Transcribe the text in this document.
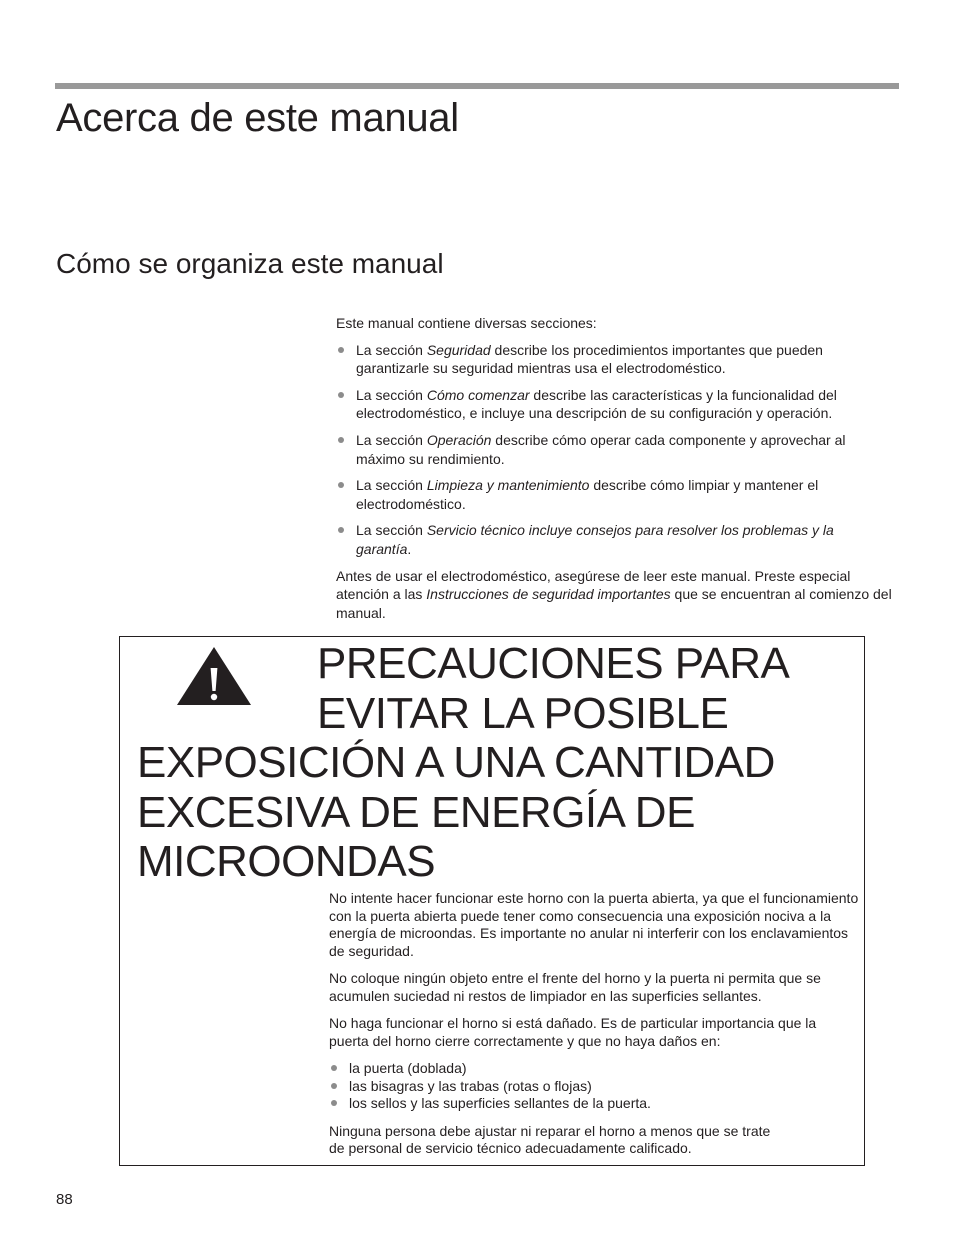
Acerca de este manual
Cómo se organiza este manual

Este manual contiene diversas secciones:

La sección Seguridad describe los procedimientos importantes que pueden garantizarle su seguridad mientras usa el electrodoméstico.
La sección Cómo comenzar describe las características y la funcionalidad del electrodoméstico, e incluye una descripción de su configuración y operación.
La sección Operación describe cómo operar cada componente y aprovechar al máximo su rendimiento.
La sección Limpieza y mantenimiento describe cómo limpiar y mantener el electrodoméstico.
La sección Servicio técnico incluye consejos para resolver los problemas y la garantía.

Antes de usar el electrodoméstico, asegúrese de leer este manual. Preste especial atención a las Instrucciones de seguridad importantes que se encuentran al comienzo del manual.

PRECAUCIONES PARA
EVITAR LA POSIBLE
EXPOSICIÓN A UNA CANTIDAD
EXCESIVA DE ENERGÍA DE
MICROONDAS

No intente hacer funcionar este horno con la puerta abierta, ya que el funcionamiento con la puerta abierta puede tener como consecuencia una exposición nociva a la energía de microondas. Es importante no anular ni interferir con los enclavamientos de seguridad.

No coloque ningún objeto entre el frente del horno y la puerta ni permita que se acumulen suciedad ni restos de limpiador en las superficies sellantes.

No haga funcionar el horno si está dañado. Es de particular importancia que la puerta del horno cierre correctamente y que no haya daños en:

la puerta (doblada)
las bisagras y las trabas (rotas o flojas)
los sellos y las superficies sellantes de la puerta.

Ninguna persona debe ajustar ni reparar el horno a menos que se trate
de personal de servicio técnico adecuadamente calificado.

88
